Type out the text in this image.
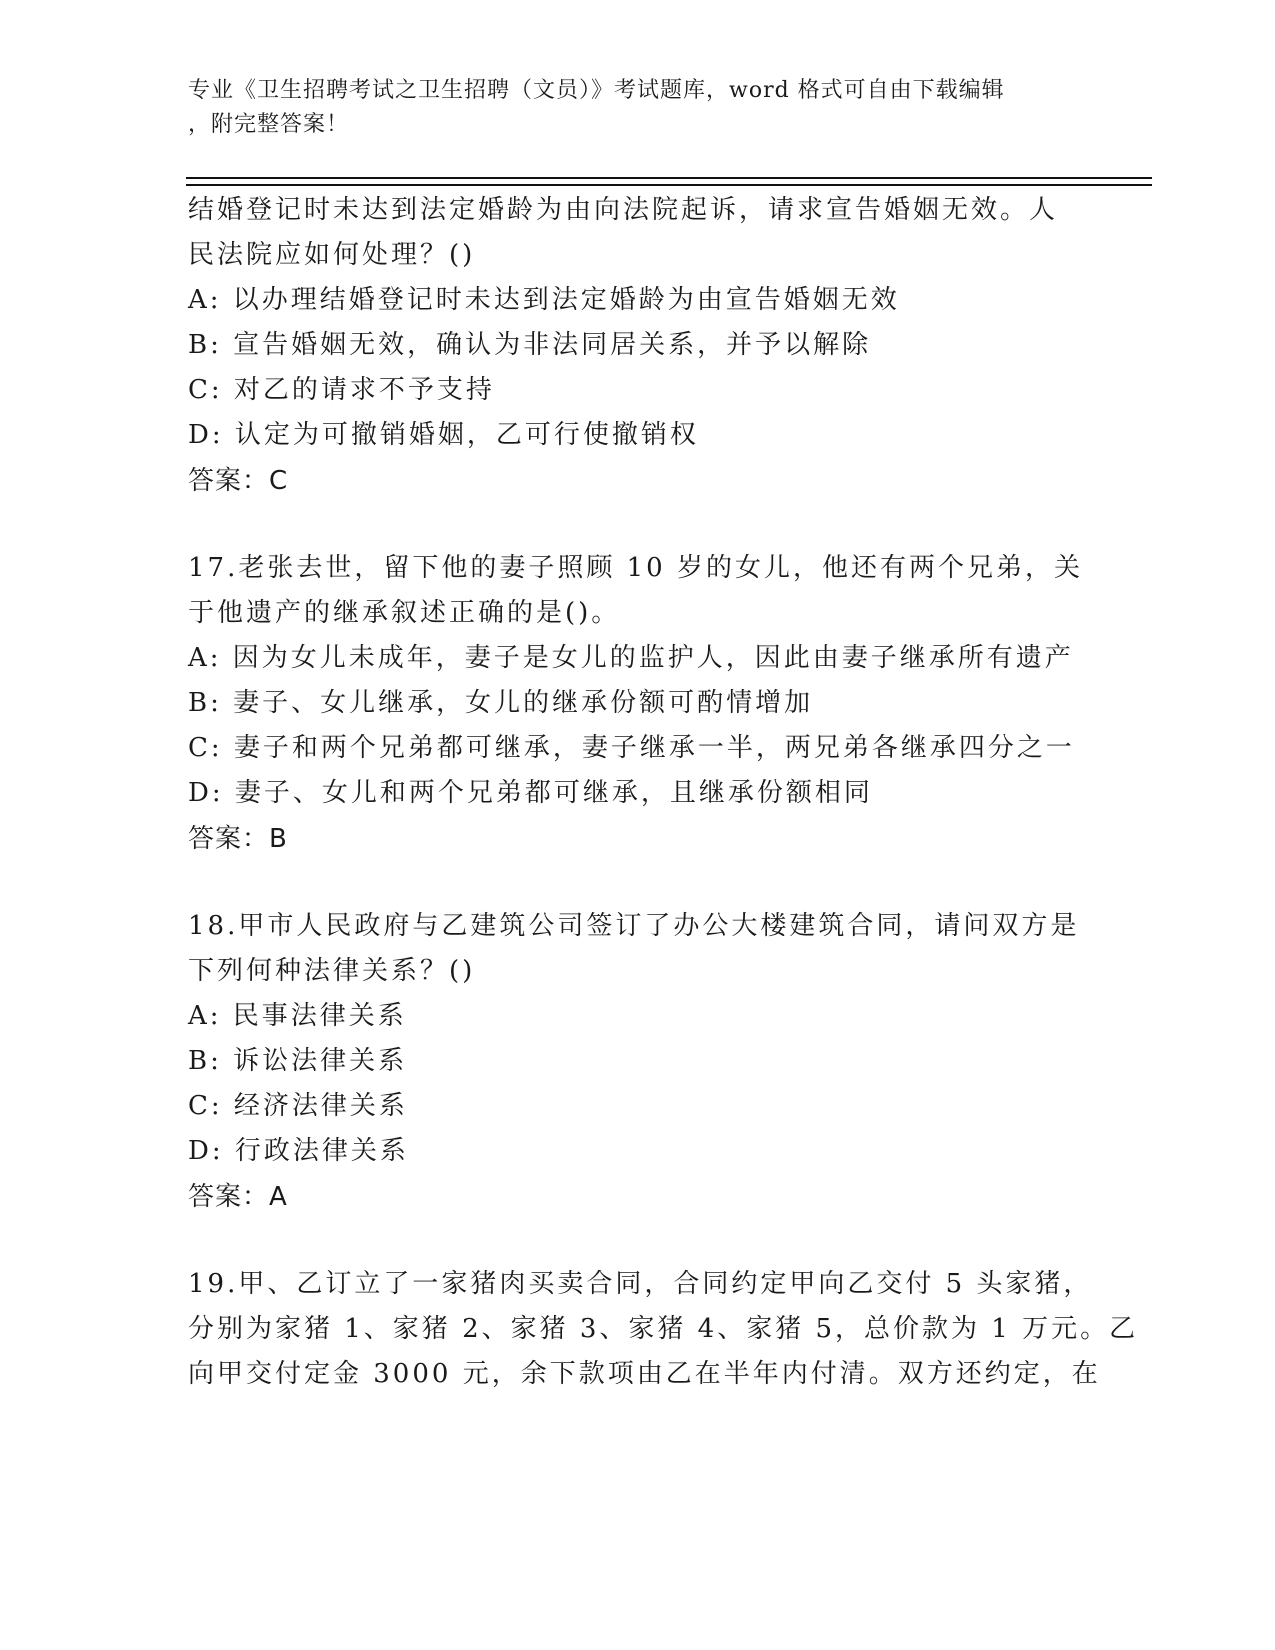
专业《卫生招聘考试之卫生招聘（文员）》考试题库，word 格式可自由下载编辑
，附完整答案！
结婚登记时未达到法定婚龄为由向法院起诉，请求宣告婚姻无效。人
民法院应如何处理？()
A: 以办理结婚登记时未达到法定婚龄为由宣告婚姻无效
B: 宣告婚姻无效，确认为非法同居关系，并予以解除
C: 对乙的请求不予支持
D: 认定为可撤销婚姻，乙可行使撤销权
答案：C
17.老张去世，留下他的妻子照顾 10 岁的女儿，他还有两个兄弟，关
于他遗产的继承叙述正确的是()。
A: 因为女儿未成年，妻子是女儿的监护人，因此由妻子继承所有遗产
B: 妻子、女儿继承，女儿的继承份额可酌情增加
C: 妻子和两个兄弟都可继承，妻子继承一半，两兄弟各继承四分之一
D: 妻子、女儿和两个兄弟都可继承，且继承份额相同
答案：B
18.甲市人民政府与乙建筑公司签订了办公大楼建筑合同，请问双方是
下列何种法律关系？()
A: 民事法律关系
B: 诉讼法律关系
C: 经济法律关系
D: 行政法律关系
答案：A
19.甲、乙订立了一家猪肉买卖合同，合同约定甲向乙交付 5 头家猪，
分别为家猪 1、家猪 2、家猪 3、家猪 4、家猪 5，总价款为 1 万元。乙
向甲交付定金 3000 元，余下款项由乙在半年内付清。双方还约定，在
